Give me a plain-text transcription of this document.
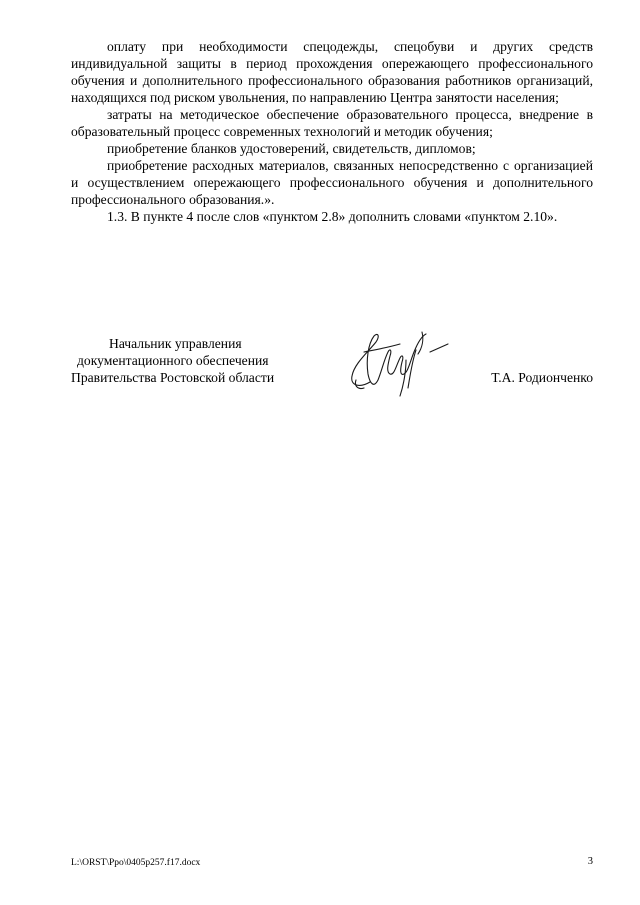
оплату при необходимости спецодежды, спецобуви и других средств индивидуальной защиты в период прохождения опережающего профессионального обучения и дополнительного профессионального образования работников организаций, находящихся под риском увольнения, по направлению Центра занятости населения;

затраты на методическое обеспечение образовательного процесса, внедрение в образовательный процесс современных технологий и методик обучения;

приобретение бланков удостоверений, свидетельств, дипломов;

приобретение расходных материалов, связанных непосредственно с организацией и осуществлением опережающего профессионального обучения и дополнительного профессионального образования.».

1.3. В пункте 4 после слов «пунктом 2.8» дополнить словами «пунктом 2.10».

Начальник управления
документационного обеспечения
Правительства Ростовской области	Т.А. Родионченко
L:\ORST\Ppo\0405p257.f17.docx	3
